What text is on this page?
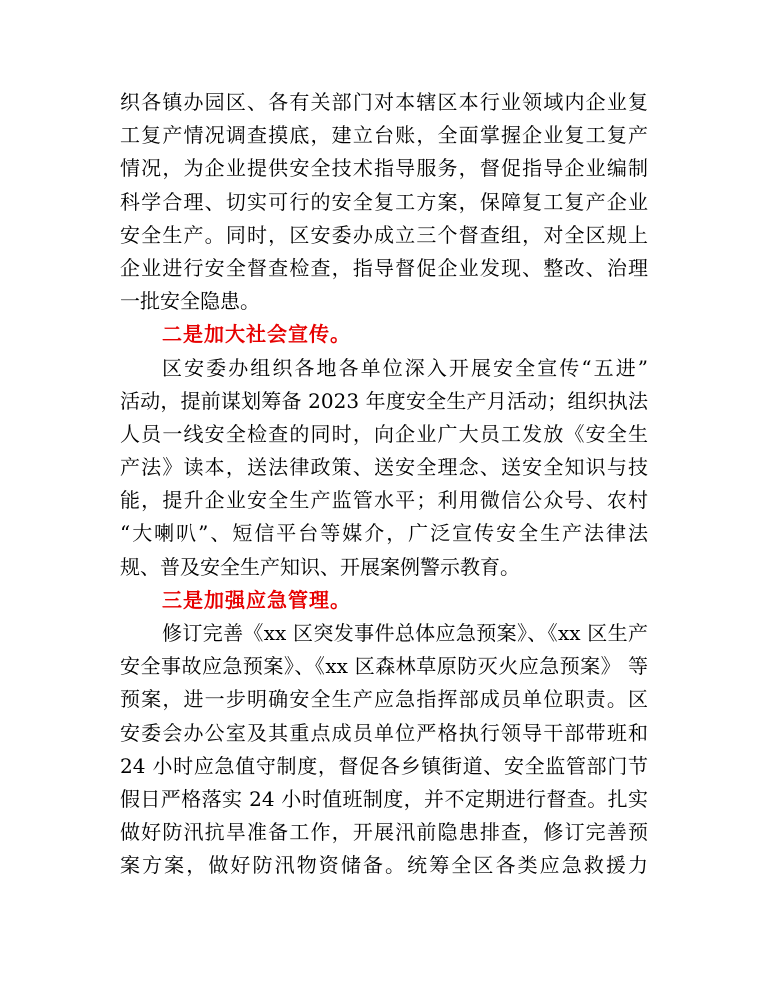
织各镇办园区、各有关部门对本辖区本行业领域内企业复
工复产情况调查摸底，建立台账，全面掌握企业复工复产
情况，为企业提供安全技术指导服务，督促指导企业编制
科学合理、切实可行的安全复工方案，保障复工复产企业
安全生产。同时，区安委办成立三个督查组，对全区规上
企业进行安全督查检查，指导督促企业发现、整改、治理
一批安全隐患。
二是加大社会宣传。
区安委办组织各地各单位深入开展安全宣传“五进”
活动，提前谋划筹备 2023 年度安全生产月活动；组织执法
人员一线安全检查的同时，向企业广大员工发放《安全生
产法》读本，送法律政策、送安全理念、送安全知识与技
能，提升企业安全生产监管水平；利用微信公众号、农村
“大喇叭”、短信平台等媒介，广泛宣传安全生产法律法
规、普及安全生产知识、开展案例警示教育。
三是加强应急管理。
修订完善《xx 区突发事件总体应急预案》、《xx 区生产
安全事故应急预案》、《xx 区森林草原防灭火应急预案》 等
预案，进一步明确安全生产应急指挥部成员单位职责。区
安委会办公室及其重点成员单位严格执行领导干部带班和
24 小时应急值守制度，督促各乡镇街道、安全监管部门节
假日严格落实 24 小时值班制度，并不定期进行督查。扎实
做好防汛抗旱准备工作，开展汛前隐患排查，修订完善预
案方案，做好防汛物资储备。统筹全区各类应急救援力
